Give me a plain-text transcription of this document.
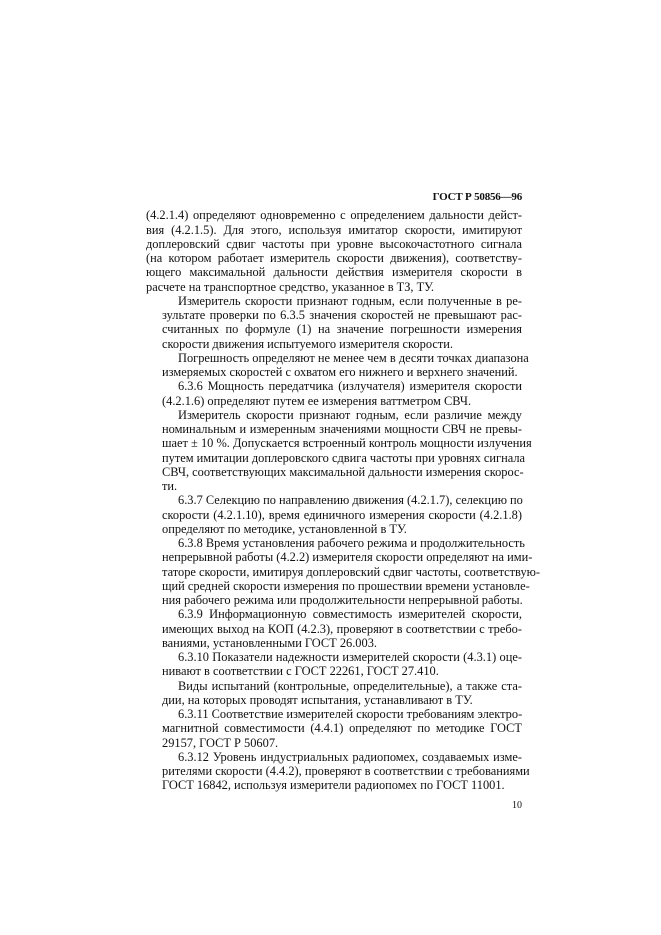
ГОСТ Р 50856—96
(4.2.1.4) определяют одновременно с определением дальности дейст-
вия (4.2.1.5). Для этого, используя имитатор скорости, имитируют
доплеровский сдвиг частоты при уровне высокочастотного сигнала
(на котором работает измеритель скорости движения), соответству-
ющего максимальной дальности действия измерителя скорости в
расчете на транспортное средство, указанное в ТЗ, ТУ.
Измеритель скорости признают годным, если полученные в ре-
зультате проверки по 6.3.5 значения скоростей не превышают рас-
считанных по формуле (1) на значение погрешности измерения
скорости движения испытуемого измерителя скорости.
Погрешность определяют не менее чем в десяти точках диапазона
измеряемых скоростей с охватом его нижнего и верхнего значений.
6.3.6 Мощность передатчика (излучателя) измерителя скорости
(4.2.1.6) определяют путем ее измерения ваттметром СВЧ.
Измеритель скорости признают годным, если различие между
номинальным и измеренным значениями мощности СВЧ не превы-
шает ± 10 %. Допускается встроенный контроль мощности излучения
путем имитации доплеровского сдвига частоты при уровнях сигнала
СВЧ, соответствующих максимальной дальности измерения скорос-
ти.
6.3.7 Селекцию по направлению движения (4.2.1.7), селекцию по
скорости (4.2.1.10), время единичного измерения скорости (4.2.1.8)
определяют по методике, установленной в ТУ.
6.3.8 Время установления рабочего режима и продолжительность
непрерывной работы (4.2.2) измерителя скорости определяют на ими-
таторе скорости, имитируя доплеровский сдвиг частоты, соответствую-
щий средней скорости измерения по прошествии времени установле-
ния рабочего режима или продолжительности непрерывной работы.
6.3.9 Информационную совместимость измерителей скорости,
имеющих выход на КОП (4.2.3), проверяют в соответствии с требо-
ваниями, установленными ГОСТ 26.003.
6.3.10 Показатели надежности измерителей скорости (4.3.1) оце-
нивают в соответствии с ГОСТ 22261, ГОСТ 27.410.
Виды испытаний (контрольные, определительные), а также ста-
дии, на которых проводят испытания, устанавливают в ТУ.
6.3.11 Соответствие измерителей скорости требованиям электро-
магнитной совместимости (4.4.1) определяют по методике ГОСТ
29157, ГОСТ Р 50607.
6.3.12 Уровень индустриальных радиопомех, создаваемых изме-
рителями скорости (4.4.2), проверяют в соответствии с требованиями
ГОСТ 16842, используя измерители радиопомех по ГОСТ 11001.
10
